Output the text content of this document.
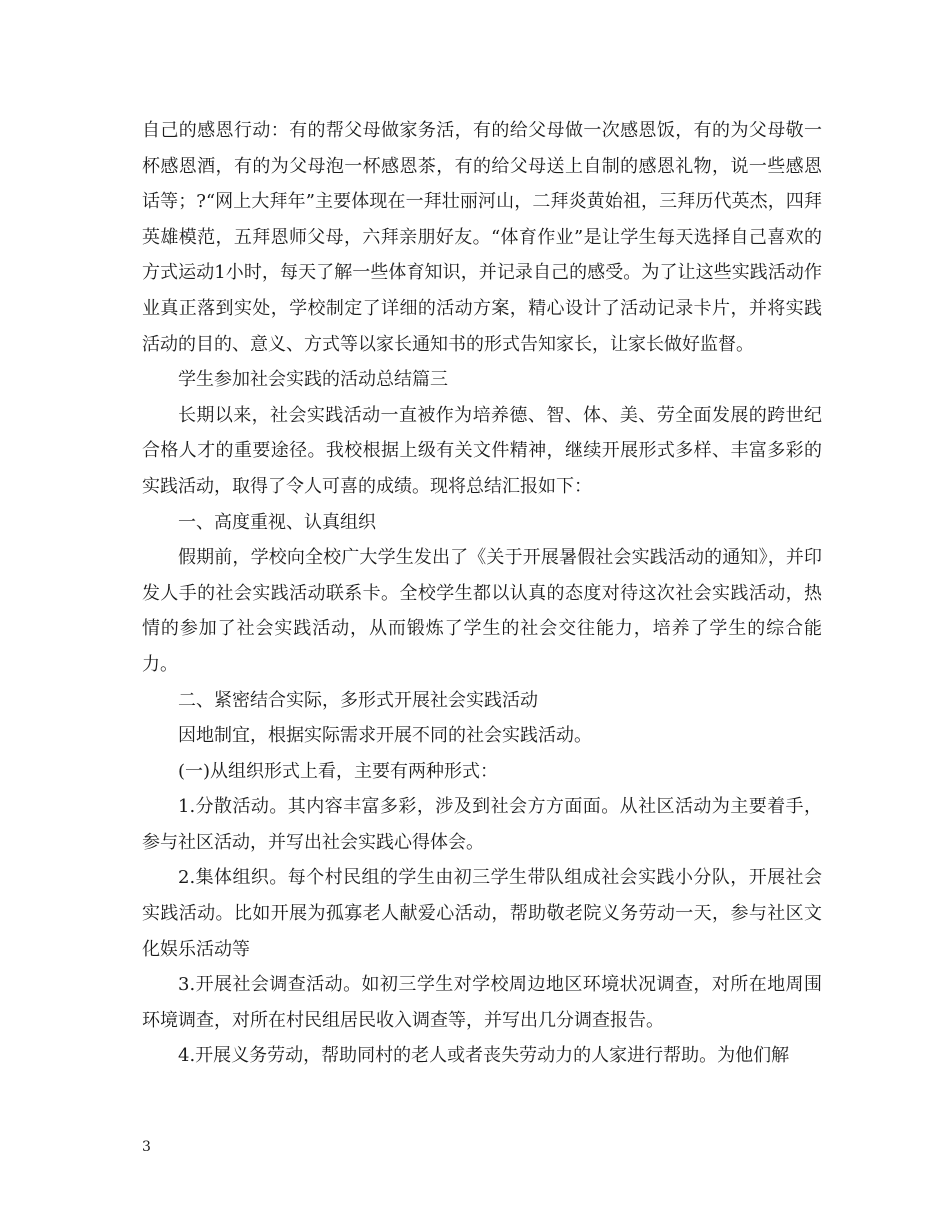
自己的感恩行动：有的帮父母做家务活，有的给父母做一次感恩饭，有的为父母敬一杯感恩酒，有的为父母泡一杯感恩茶，有的给父母送上自制的感恩礼物，说一些感恩话等；?“网上大拜年”主要体现在一拜壮丽河山，二拜炎黄始祖，三拜历代英杰，四拜英雄模范，五拜恩师父母，六拜亲朋好友。“体育作业”是让学生每天选择自己喜欢的方式运动1小时，每天了解一些体育知识，并记录自己的感受。为了让这些实践活动作业真正落到实处，学校制定了详细的活动方案，精心设计了活动记录卡片，并将实践活动的目的、意义、方式等以家长通知书的形式告知家长，让家长做好监督。

学生参加社会实践的活动总结篇三

长期以来，社会实践活动一直被作为培养德、智、体、美、劳全面发展的跨世纪合格人才的重要途径。我校根据上级有关文件精神，继续开展形式多样、丰富多彩的实践活动，取得了令人可喜的成绩。现将总结汇报如下：

一、高度重视、认真组织

假期前，学校向全校广大学生发出了《关于开展暑假社会实践活动的通知》，并印发人手的社会实践活动联系卡。全校学生都以认真的态度对待这次社会实践活动，热情的参加了社会实践活动，从而锻炼了学生的社会交往能力，培养了学生的综合能力。

二、紧密结合实际，多形式开展社会实践活动

因地制宜，根据实际需求开展不同的社会实践活动。

(一)从组织形式上看，主要有两种形式：

1.分散活动。其内容丰富多彩，涉及到社会方方面面。从社区活动为主要着手，参与社区活动，并写出社会实践心得体会。

2.集体组织。每个村民组的学生由初三学生带队组成社会实践小分队，开展社会实践活动。比如开展为孤寡老人献爱心活动，帮助敬老院义务劳动一天，参与社区文化娱乐活动等

3.开展社会调查活动。如初三学生对学校周边地区环境状况调查，对所在地周围环境调查，对所在村民组居民收入调查等，并写出几分调查报告。

4.开展义务劳动，帮助同村的老人或者丧失劳动力的人家进行帮助。为他们解

3
